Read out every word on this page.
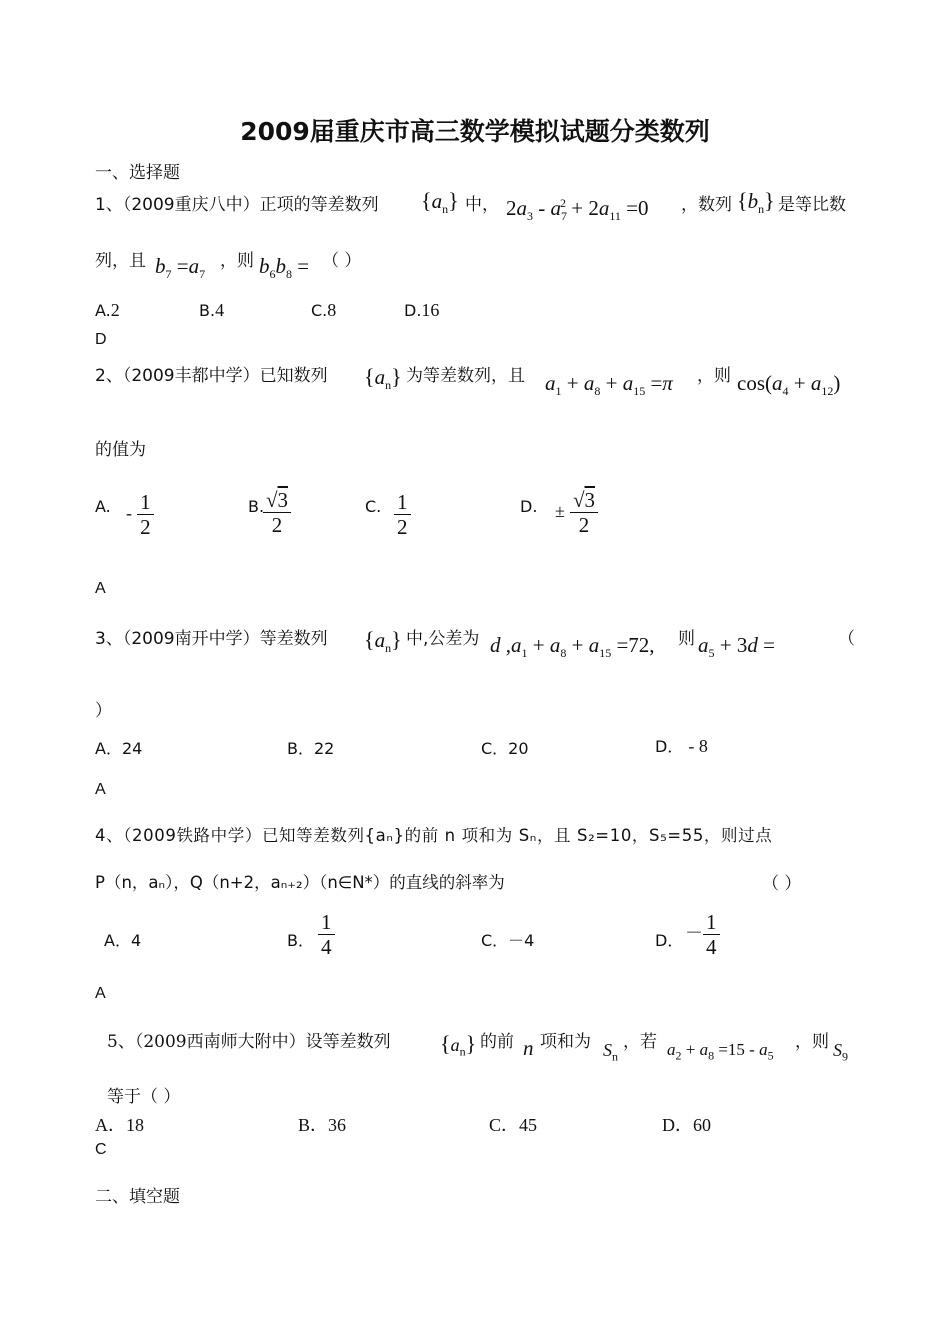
2009届重庆市高三数学模拟试题分类数列
一、选择题
1、（2009重庆八中）正项的等差数列 $\{a_n\}$ 中， $2a_3 - a_7^2 + 2a_{11} =0$ ，数列 $\{b_n\}$ 是等比数
列，且 $b_7 =a_7$
，则 $b_6b_8$ = （ ）
A.2	B.4	C.8	D.16
D
2、（2009丰都中学）已知数列 $\{a_n\}$ 为等差数列，且 $a_1 + a_8 + a_{15} =\pi$ ，则 $\cos(a_4 + a_{12})$
的值为
A. - $\frac{1}{2}$	B.
$\frac{√3}{2}$	C. $\frac{1}{2}$	D. ± $\frac{√3}{2}$
A
3、（2009南开中学）等差数列 $\{a_n\}$ 中,公差为 d $,a_1 + a_8 + a_{15} =72$, 则 $a_5 + 3d$ =	（
）
A．24	B．22	C．20	D． - 8
A
4、（2009铁路中学）已知等差数列{aₙ}的前 n 项和为 Sₙ，且 S₂=10，S₅=55，则过点
P（n，aₙ），Q（n+2，aₙ₊₂）（n∈N*）的直线的斜率为	（ ）
A．4	B． $\frac{1}{4}$	C．－4	D． － $\frac{1}{4}$
A
5、（2009西南师大附中）设等差数列 $\{a_n\}$ 的前 n 项和为 $S_n$
，若 $a_2 + a_8 =15 - a_5$
，则 $S_9$
等于（ ）
A．18	B．36	C．45	D．60
C
二、填空题
